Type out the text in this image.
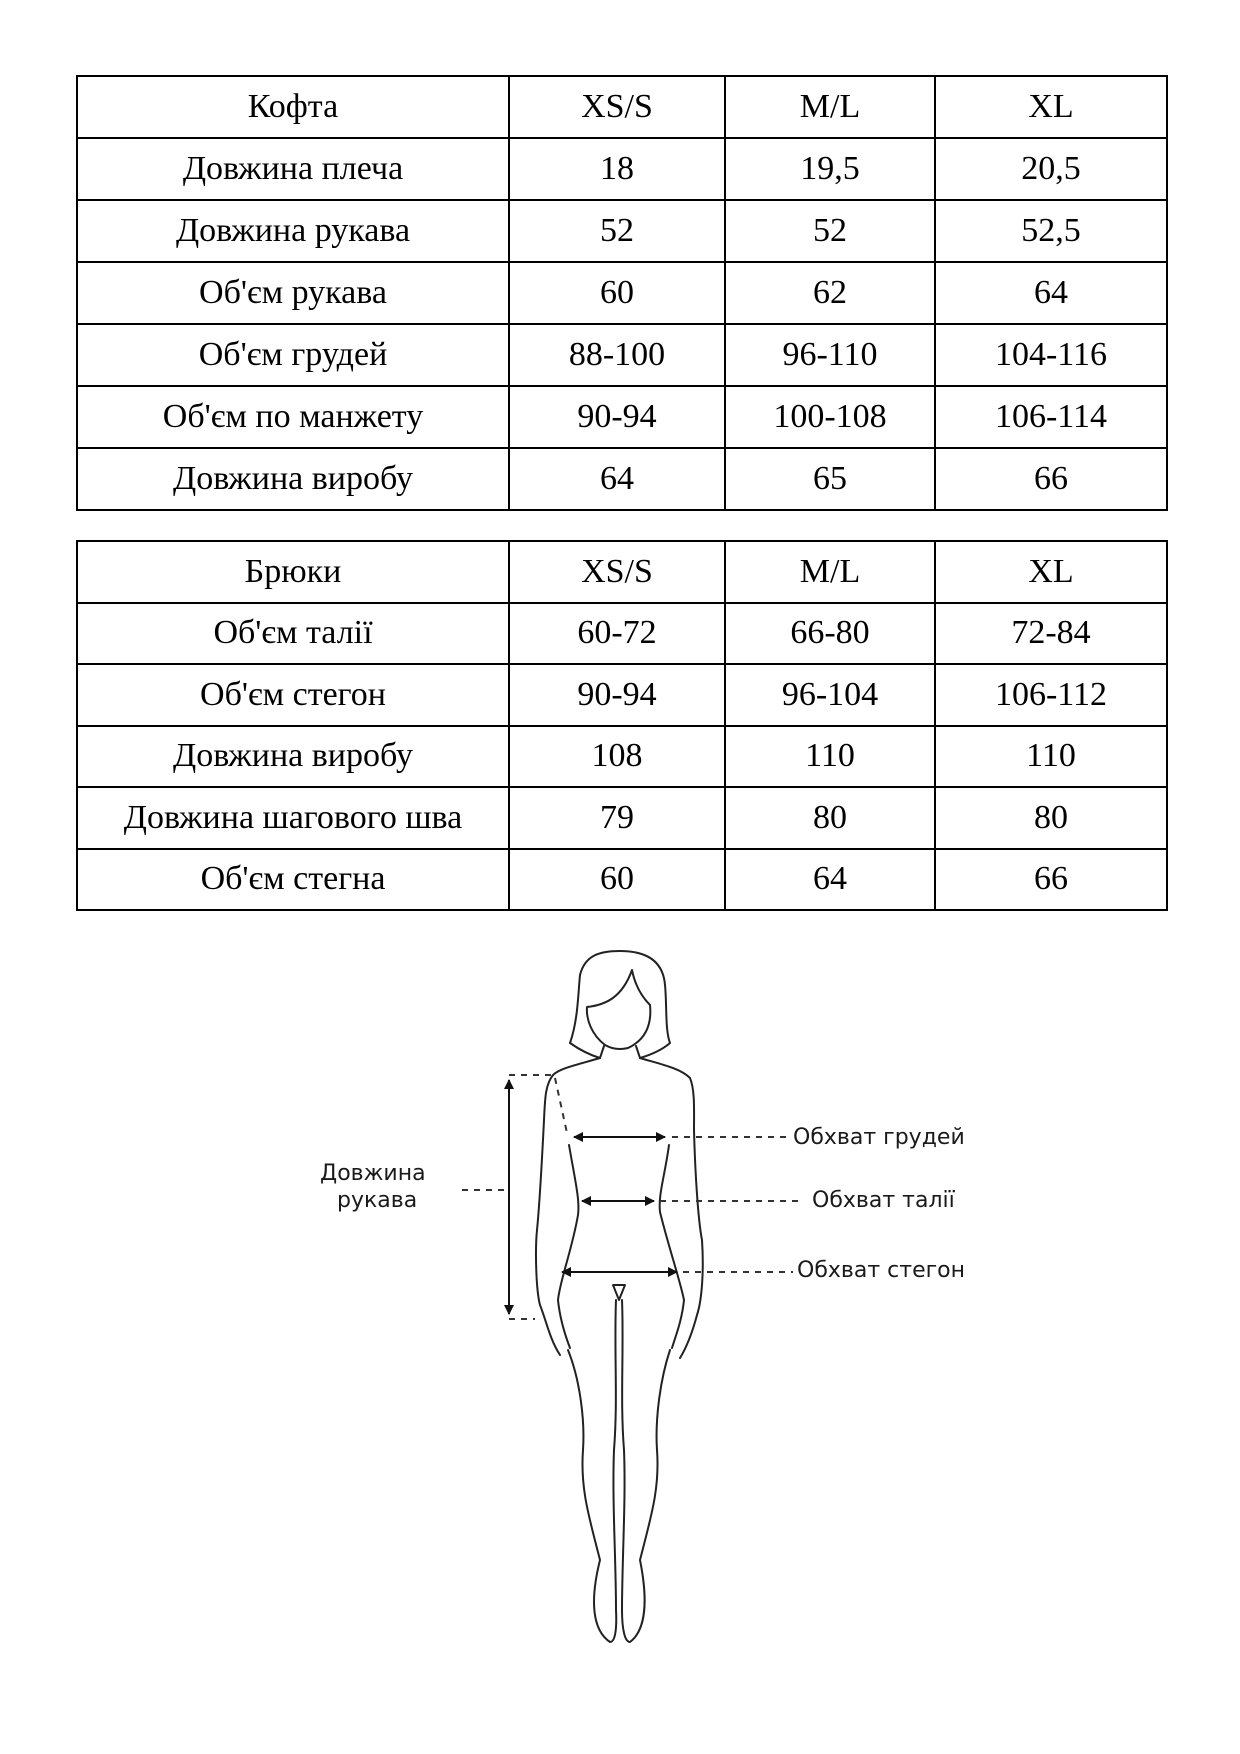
Кофта	XS/S	M/L	XL
Довжина плеча	18	19,5	20,5
Довжина рукава	52	52	52,5
Об'єм рукава	60	62	64
Об'єм грудей	88-100	96-110	104-116
Об'єм по манжету	90-94	100-108	106-114
Довжина виробу	64	65	66
Брюки	XS/S	M/L	XL
Об'єм талії	60-72	66-80	72-84
Об'єм стегон	90-94	96-104	106-112
Довжина виробу	108	110	110
Довжина шагового шва	79	80	80
Об'єм стегна	60	64	66
Довжина
рукава
Обхват грудей
Обхват талії
Обхват стегон
